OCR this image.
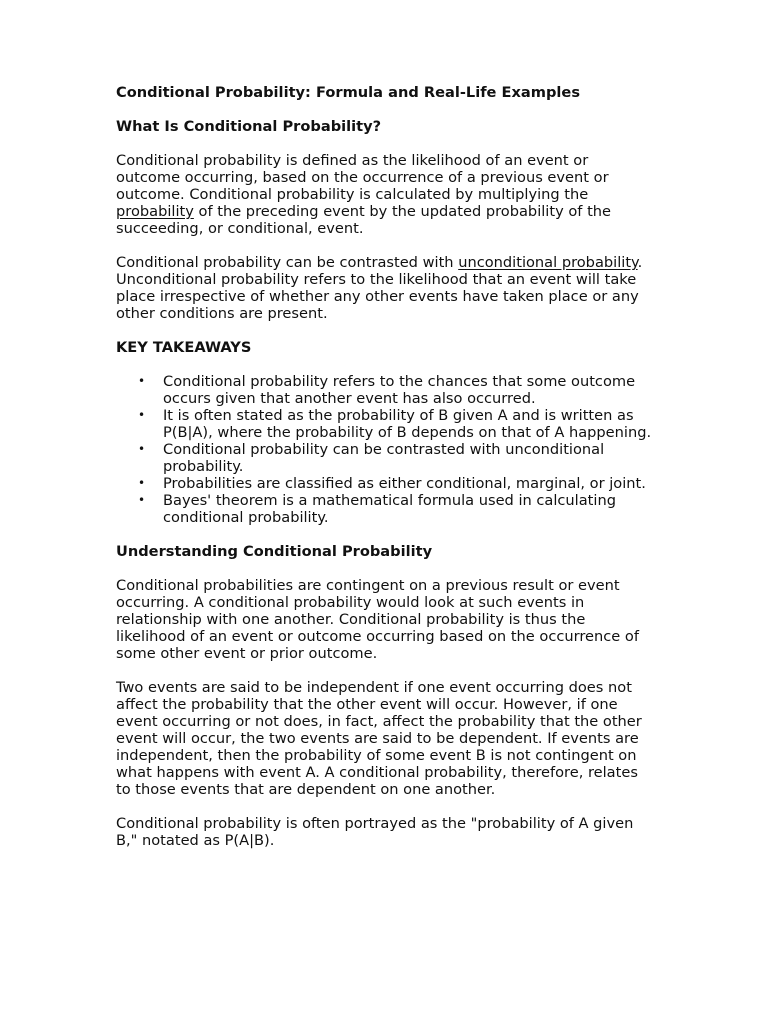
Conditional Probability: Formula and Real-Life Examples
What Is Conditional Probability?

Conditional probability is defined as the likelihood of an event or outcome occurring, based on the occurrence of a previous event or outcome. Conditional probability is calculated by multiplying the probability of the preceding event by the updated probability of the succeeding, or conditional, event.

Conditional probability can be contrasted with unconditional probability. Unconditional probability refers to the likelihood that an event will take place irrespective of whether any other events have taken place or any other conditions are present.

KEY TAKEAWAYS
• Conditional probability refers to the chances that some outcome occurs given that another event has also occurred.
• It is often stated as the probability of B given A and is written as P(B|A), where the probability of B depends on that of A happening.
• Conditional probability can be contrasted with unconditional probability.
• Probabilities are classified as either conditional, marginal, or joint.
• Bayes' theorem is a mathematical formula used in calculating conditional probability.
Understanding Conditional Probability

Conditional probabilities are contingent on a previous result or event occurring. A conditional probability would look at such events in relationship with one another. Conditional probability is thus the likelihood of an event or outcome occurring based on the occurrence of some other event or prior outcome.

Two events are said to be independent if one event occurring does not affect the probability that the other event will occur. However, if one event occurring or not does, in fact, affect the probability that the other event will occur, the two events are said to be dependent. If events are independent, then the probability of some event B is not contingent on what happens with event A. A conditional probability, therefore, relates to those events that are dependent on one another.

Conditional probability is often portrayed as the "probability of A given B," notated as P(A|B).
